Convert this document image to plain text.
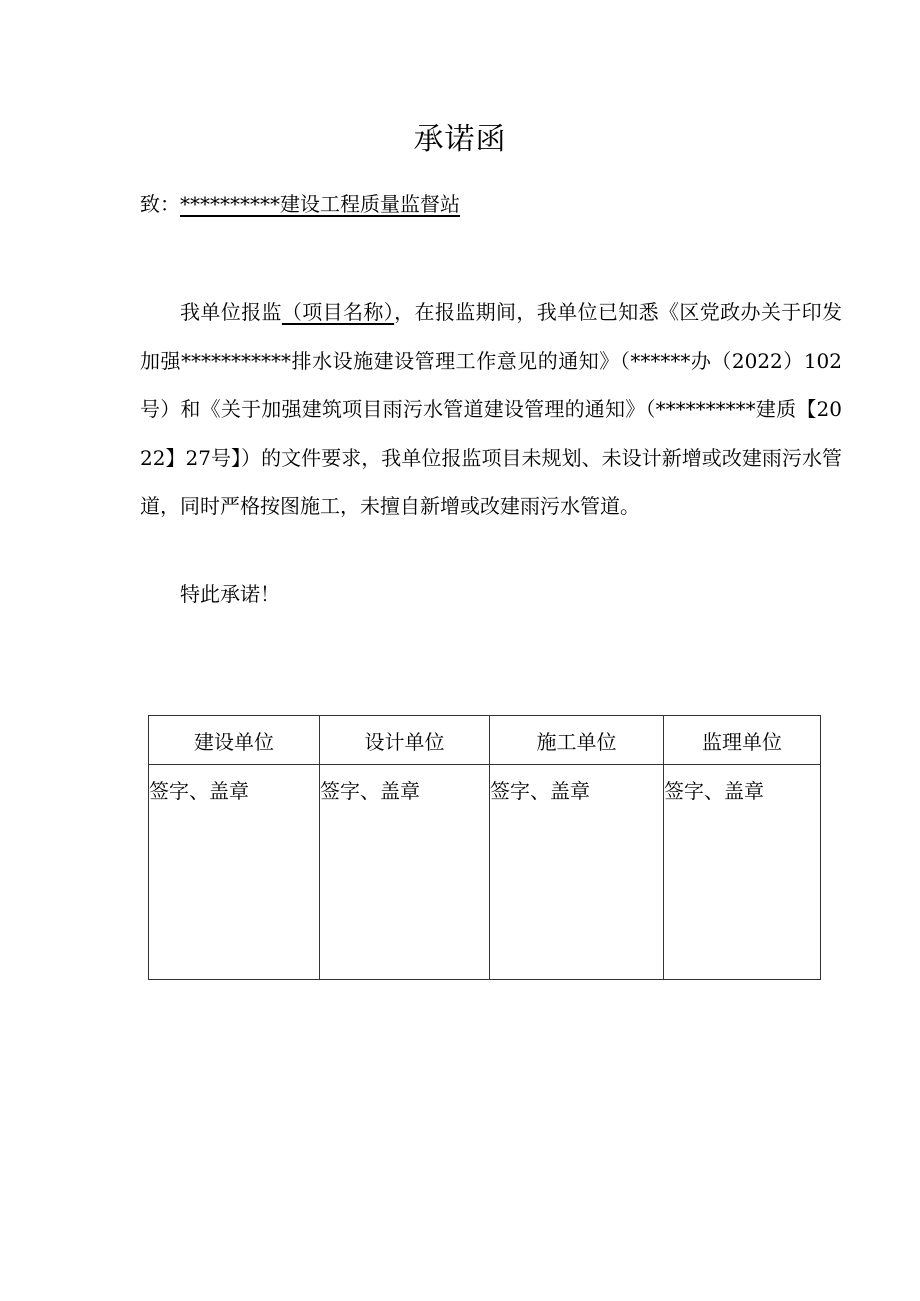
承诺函
致：**********建设工程质量监督站

我单位报监（项目名称），在报监期间，我单位已知悉《区党政办关于印发加强***********排水设施建设管理工作意见的通知》（******办（2022）102号）和《关于加强建筑项目雨污水管道建设管理的通知》（**********建质【2022】27号】）的文件要求，我单位报监项目未规划、未设计新增或改建雨污水管道，同时严格按图施工，未擅自新增或改建雨污水管道。

特此承诺！

建设单位	设计单位	施工单位	监理单位
签字、盖章	签字、盖章	签字、盖章	签字、盖章
